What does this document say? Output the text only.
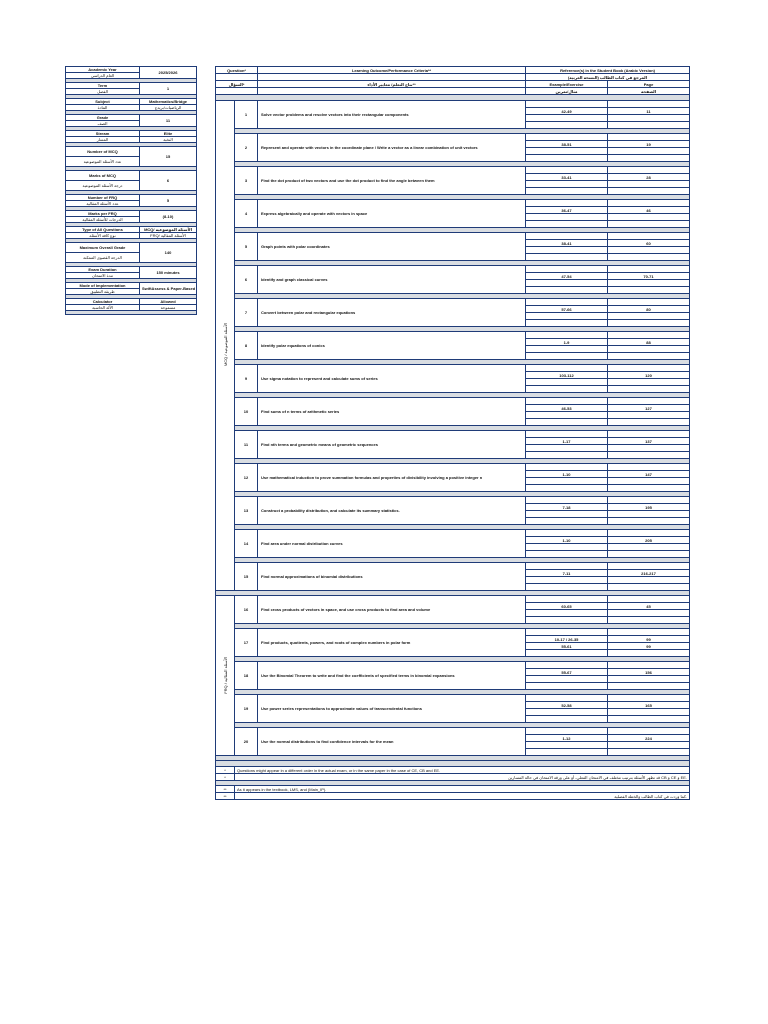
Academic Year	2025/2026
العام الدراسي	

Term	1
الفصل	

Subject	Mathematics/Bridge
المادة	الرياضيات/بريدج

Grade	11
الصف	

Stream	Elite
المسار	النخبة

Number of MCQ	15
عدد الأسئلة الموضوعية	

Marks of MCQ	6
درجة الأسئلة الموضوعية	

Number of FRQ	5
عدد الأسئلة المقالية	

Marks per FRQ	(8-10)
الدرجات للأسئلة المقالية	

Type of All Questions	MCQ/ الأسئلة الموضوعية
نوع كافة الأسئلة	FRQ/ الأسئلة المقالية

Maximum Overall Grade	140
الدرجة القصوى الممكنة	

Exam Duration	150 minutes
مدة الامتحان	

Mode of Implementation	SwiftAssess & Paper-Based
طريقة التطبيق	

Calculator	Allowed
الآلة الحاسبة	مسموحة

Question*		Learning Outcome/Performance Criteria**	Reference(s) in the Student Book (Arabic Version)	
			المرجع في كتاب الطالب (النسخة العربية)	
السؤال*		نتاج التعلم/ معايير الأداء**	Example/Exercise	Page
			مثال/تمرين	الصفحة

MCQ / الأسئلة الموضوعية	1	Solve vector problems and resolve vectors into their rectangular components		
			42-49	11

	2	Represent and operate with vectors in the coordinate plane / Write a vector as a linear combination of unit vectors		
			38-51	19

	3	Find the dot product of two vectors and use the dot product to find the angle between them		
			33-41	28

	4	Express algebraically and operate with vectors in space		
			36-47	46

	5	Graph points with polar coordinates		
			38-41	60

	6	Identify and graph classical curves		
			47-54	70-71

	7	Convert between polar and rectangular equations		
			57-66	80

	8	Identify polar equations of conics		
			1-9	88

	9	Use sigma notation to represent and calculate sums of series		
			103-112	120

	10	Find sums of n terms of arithmetic series		
			46-53	127

	11	Find nth terms and geometric means of geometric sequences		
			1-17	137

	12	Use mathematical induction to prove summation formulas and properties of divisibility involving a positive integer n		
			1-10	147

	13	Construct a probability distribution, and calculate its summary statistics.		
			7-18	195

	14	Find area under normal distribution curves		
			1-10	205

	15	Find normal approximations of binomial distributions		
			7-11	216-217

FRQ / الأسئلة المقالية	16	Find cross products of vectors in space, and use cross products to find area and volume		
			60-65	45

	17	Find products, quotients, powers, and roots of complex numbers in polar form		
			10-17 / 26-35	99
			55-61	99

	18	Use the Binomial Theorem to write and find the coefficients of specified terms in binomial expansions		
			55-67	156

	19	Use power series representations to approximate values of transcendental functions		
			52-58	165

	20	Use the normal distributions to find confidence intervals for the mean		
			1-12	224

*	Questions might appear in a different order in the actual exam, or in the same paper in the case of CE, CB and EE.			
*	قد تظهر الأسئلة بترتيب مختلف في الامتحان الفعلي، أو على ورقة الامتحان في حالة المسارين CB و CE و EE.			

**	As it appears in the textbook, LMS, and (Main_IP).			
**	كما وردت في كتاب الطالب والخطة الفصلية.			
